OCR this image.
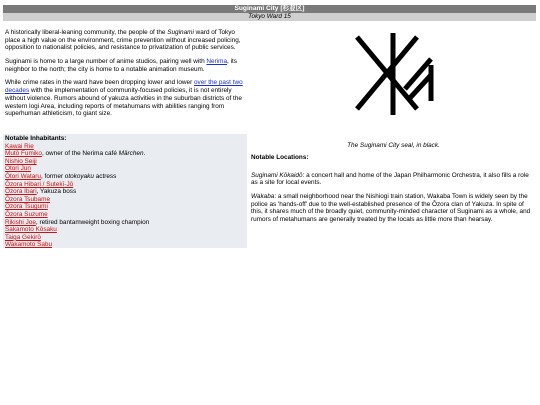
Suginami City [杉並区]
Tokyo Ward 15

A historically liberal-leaning community, the people of the Suginami ward of Tokyo place a high value on the environment, crime prevention without increased policing, opposition to nationalist policies, and resistance to privatization of public services.

Suginami is home to a large number of anime studios, pairing well with Nerima, its neighbor to the north; the city is home to a notable animation museum.

While crime rates in the ward have been dropping lower and lower over the past two decades with the implementation of community-focused policies, it is not entirely without violence. Rumors abound of yakuza activities in the suburban districts of the western logi Area, including reports of metahumans with abilities ranging from superhuman athleticism, to giant size.

Notable Inhabitants:
Kawai Rie
Mutō Fumiko, owner of the Nerima café Märchen.
Nishio Seiji
Ōtori Jun
Ōtori Wataru, former otokoyaku actress
Ōzora Hibari / Sutekī-Jō
Ōzora Ibari, Yakuza boss
Ōzora Tsubame
Ōzora Tsugumi
Ōzora Suzume
Rikishi Joe, retired bantamweight boxing champion
Sakamoto Kōsaku
Taiga Gekirō
Wakamoto Sabu
The Suginami City seal, in black.
Notable Locations:

Suginami Kōkaidō: a concert hall and home of the Japan Philharmonic Orchestra, it also fills a role as a site for local events.

Wakaba: a small neighborhood near the Nishiogi train station, Wakaba Town is widely seen by the police as 'hands-off' due to the well-established presence of the Ōzora clan of Yakuza. In spite of this, it shares much of the broadly quiet, community-minded character of Suginami as a whole, and rumors of metahumans are generally treated by the locals as little more than hearsay.
